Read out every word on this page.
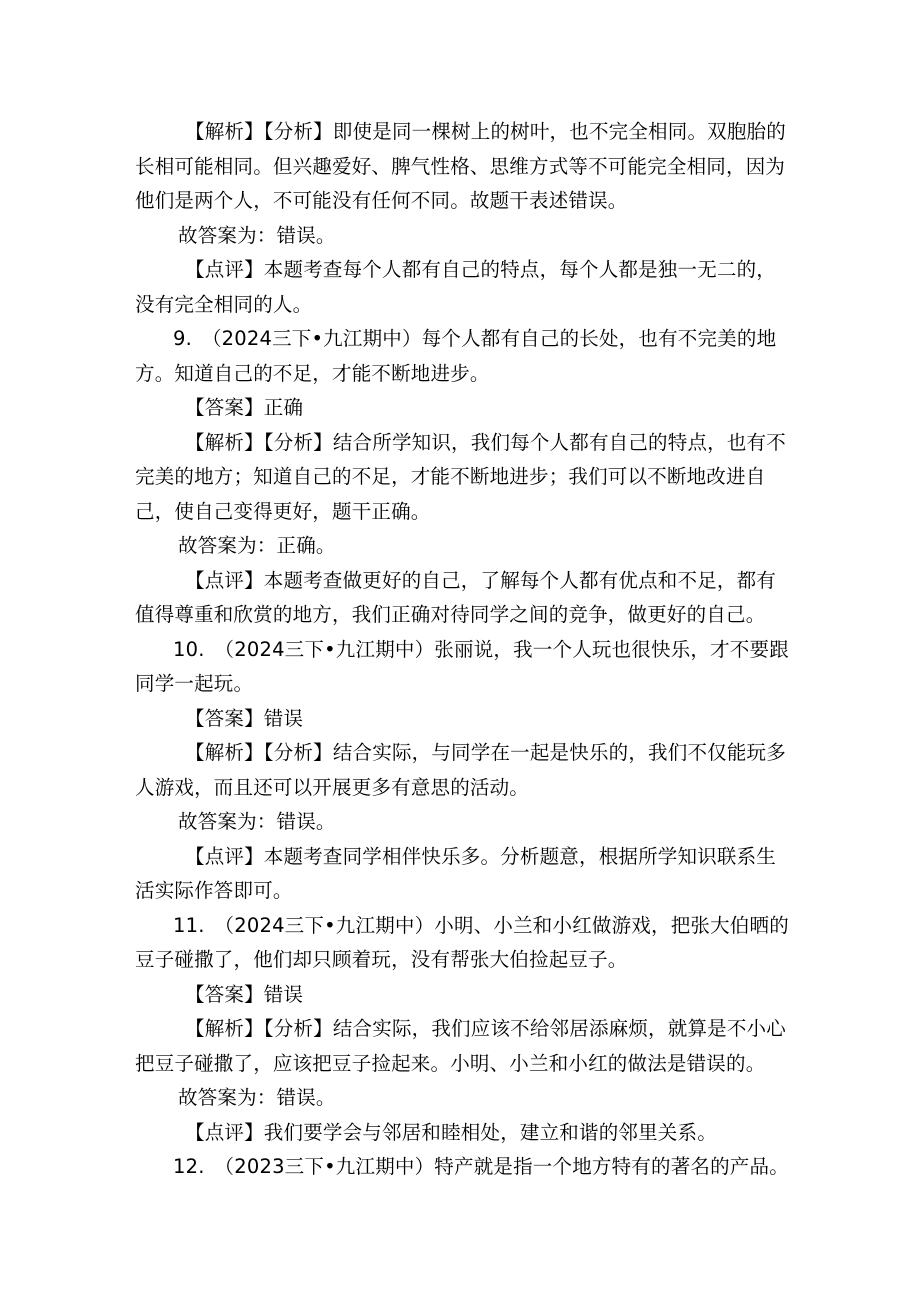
【解析】【分析】即使是同一棵树上的树叶，也不完全相同。双胞胎的长相可能相同。但兴趣爱好、脾气性格、思维方式等不可能完全相同，因为他们是两个人，不可能没有任何不同。故题干表述错误。

故答案为：错误。

【点评】本题考查每个人都有自己的特点，每个人都是独一无二的，没有完全相同的人。

9.　（2024三下•九江期中）每个人都有自己的长处，也有不完美的地方。知道自己的不足，才能不断地进步。

【答案】正确

【解析】【分析】结合所学知识，我们每个人都有自己的特点，也有不完美的地方；知道自己的不足，才能不断地进步；我们可以不断地改进自己，使自己变得更好，题干正确。

故答案为：正确。

【点评】本题考查做更好的自己，了解每个人都有优点和不足，都有值得尊重和欣赏的地方，我们正确对待同学之间的竞争，做更好的自己。

10.　（2024三下•九江期中）张丽说，我一个人玩也很快乐，才不要跟同学一起玩。

【答案】错误

【解析】【分析】结合实际，与同学在一起是快乐的，我们不仅能玩多人游戏，而且还可以开展更多有意思的活动。

故答案为：错误。

【点评】本题考查同学相伴快乐多。分析题意，根据所学知识联系生活实际作答即可。

11.　（2024三下•九江期中）小明、小兰和小红做游戏，把张大伯晒的豆子碰撒了，他们却只顾着玩，没有帮张大伯捡起豆子。

【答案】错误

【解析】【分析】结合实际，我们应该不给邻居添麻烦，就算是不小心把豆子碰撒了，应该把豆子捡起来。小明、小兰和小红的做法是错误的。

故答案为：错误。

【点评】我们要学会与邻居和睦相处，建立和谐的邻里关系。

12.　（2023三下•九江期中）特产就是指一个地方特有的著名的产品。
